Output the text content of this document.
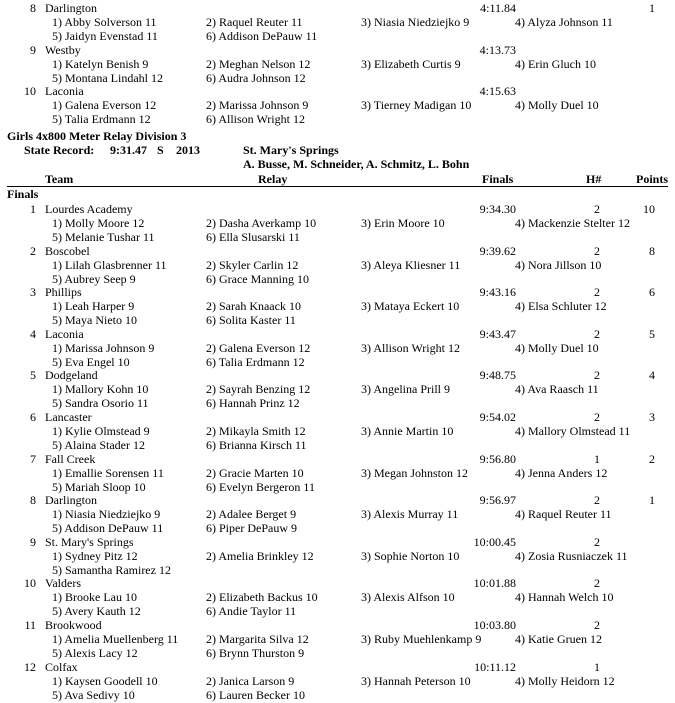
8 Darlington	4:11.84	1
1) Abby Solverson 11	2) Raquel Reuter 11	3) Niasia Niedziejko 9	4) Alyza Johnson 11
5) Jaidyn Evenstad 11	6) Addison DePauw 11
9 Westby	4:13.73
1) Katelyn Benish 9	2) Meghan Nelson 12	3) Elizabeth Curtis 9	4) Erin Gluch 10
5) Montana Lindahl 12	6) Audra Johnson 12
10 Laconia	4:15.63
1) Galena Everson 12	2) Marissa Johnson 9	3) Tierney Madigan 10	4) Molly Duel 10
5) Talia Erdmann 12	6) Allison Wright 12
1 Lourdes Academy	9:34.30	2	10
1) Molly Moore 12	2) Dasha Averkamp 10	3) Erin Moore 10	4) Mackenzie Stelter 12
5) Melanie Tushar 11	6) Ella Slusarski 11
2 Boscobel	9:39.62	2	8
1) Lilah Glasbrenner 11	2) Skyler Carlin 12	3) Aleya Kliesner 11	4) Nora Jillson 10
5) Aubrey Seep 9	6) Grace Manning 10
3 Phillips	9:43.16	2	6
1) Leah Harper 9	2) Sarah Knaack 10	3) Mataya Eckert 10	4) Elsa Schluter 12
5) Maya Nieto 10	6) Solita Kaster 11
4 Laconia	9:43.47	2	5
1) Marissa Johnson 9	2) Galena Everson 12	3) Allison Wright 12	4) Molly Duel 10
5) Eva Engel 10	6) Talia Erdmann 12
5 Dodgeland	9:48.75	2	4
1) Mallory Kohn 10	2) Sayrah Benzing 12	3) Angelina Prill 9	4) Ava Raasch 11
5) Sandra Osorio 11	6) Hannah Prinz 12
6 Lancaster	9:54.02	2	3
1) Kylie Olmstead 9	2) Mikayla Smith 12	3) Annie Martin 10	4) Mallory Olmstead 11
5) Alaina Stader 12	6) Brianna Kirsch 11
7 Fall Creek	9:56.80	1	2
1) Emallie Sorensen 11	2) Gracie Marten 10	3) Megan Johnston 12	4) Jenna Anders 12
5) Mariah Sloop 10	6) Evelyn Bergeron 11
8 Darlington	9:56.97	2	1
1) Niasia Niedziejko 9	2) Adalee Berget 9	3) Alexis Murray 11	4) Raquel Reuter 11
5) Addison DePauw 11	6) Piper DePauw 9
9 St. Mary's Springs	10:00.45	2
1) Sydney Pitz 12	2) Amelia Brinkley 12	3) Sophie Norton 10	4) Zosia Rusniaczek 11
5) Samantha Ramirez 12
10 Valders	10:01.88	2
1) Brooke Lau 10	2) Elizabeth Backus 10	3) Alexis Alfson 10	4) Hannah Welch 10
5) Avery Kauth 12	6) Andie Taylor 11
11 Brookwood	10:03.80	2
1) Amelia Muellenberg 11 2) Margarita Silva 12	3) Ruby Muehlenkamp 9	4) Katie Gruen 12
5) Alexis Lacy 12	6) Brynn Thurston 9
12 Colfax	10:11.12	1
1) Kaysen Goodell 10	2) Janica Larson 9	3) Hannah Peterson 10	4) Molly Heidorn 12
5) Ava Sedivy 10	6) Lauren Becker 10
Girls 4x800 Meter Relay Division 3
State Record: 9:31.47 S 2013	St. Mary's Springs
A. Busse, M. Schneider, A. Schmitz, L. Bohn
Team	Relay	Finals	H#	Points
Finals
